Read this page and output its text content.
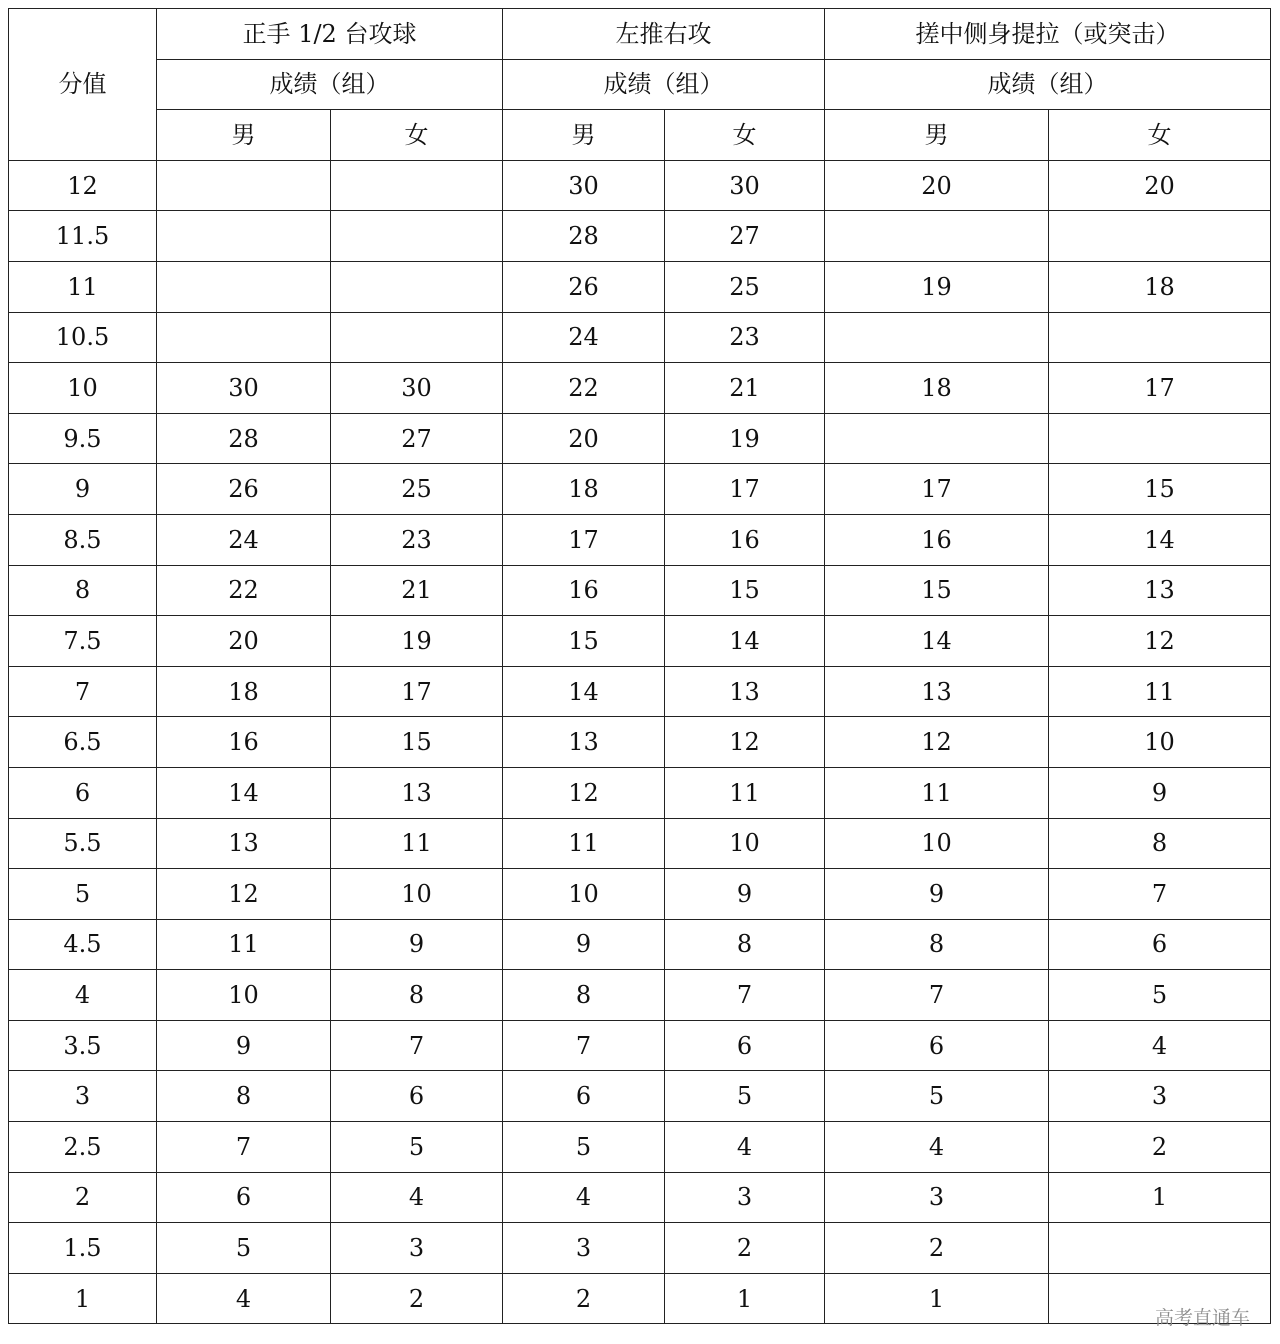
分值	正手 1/2 台攻球		左推右攻		搓中侧身提拉（或突击）	
	成绩（组）		成绩（组）		成绩（组）	
	男	女	男	女	男	女
12			30	30	20	20
11.5			28	27		
11			26	25	19	18
10.5			24	23		
10	30	30	22	21	18	17
9.5	28	27	20	19		
9	26	25	18	17	17	15
8.5	24	23	17	16	16	14
8	22	21	16	15	15	13
7.5	20	19	15	14	14	12
7	18	17	14	13	13	11
6.5	16	15	13	12	12	10
6	14	13	12	11	11	9
5.5	13	11	11	10	10	8
5	12	10	10	9	9	7
4.5	11	9	9	8	8	6
4	10	8	8	7	7	5
3.5	9	7	7	6	6	4
3	8	6	6	5	5	3
2.5	7	5	5	4	4	2
2	6	4	4	3	3	1
1.5	5	3	3	2	2	
1	4	2	2	1	1	
高考直通车
